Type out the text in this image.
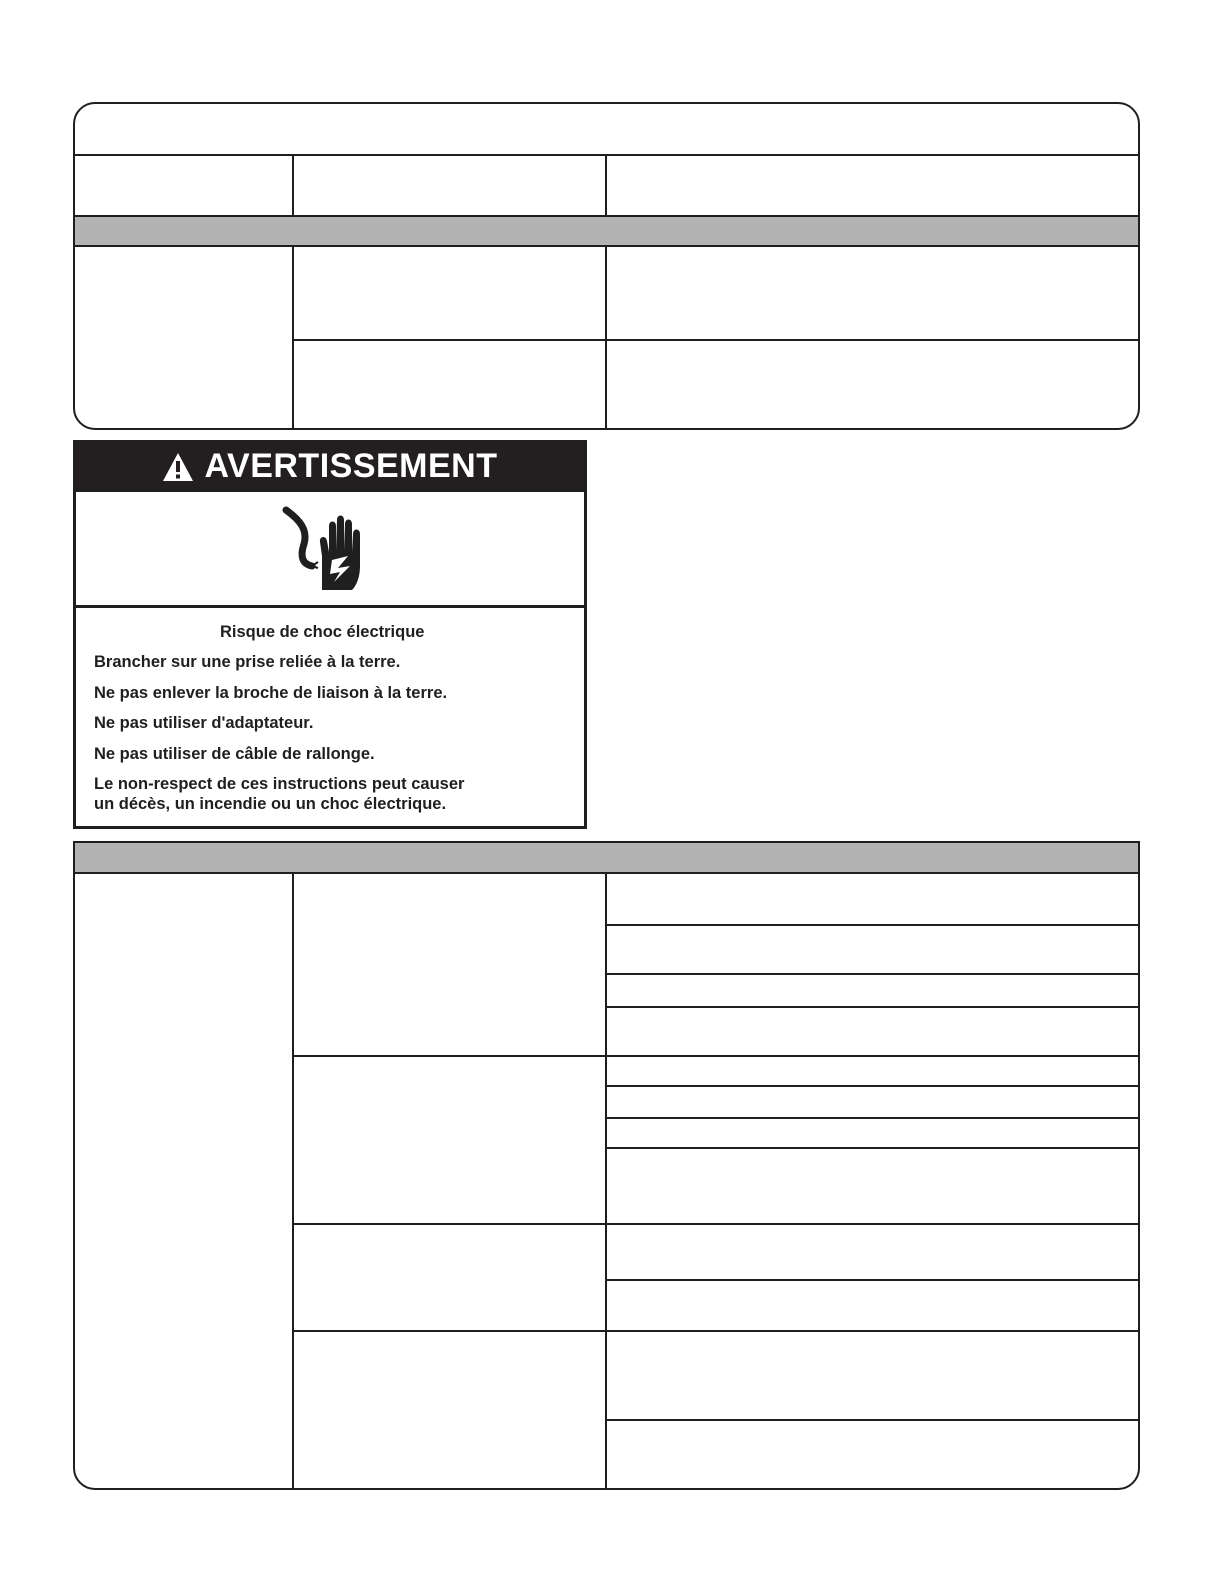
AVERTISSEMENT
Risque de choc électrique
Brancher sur une prise reliée à la terre.
Ne pas enlever la broche de liaison à la terre.
Ne pas utiliser d'adaptateur.
Ne pas utiliser de câble de rallonge.
Le non-respect de ces instructions peut causer
un décès, un incendie ou un choc électrique.
